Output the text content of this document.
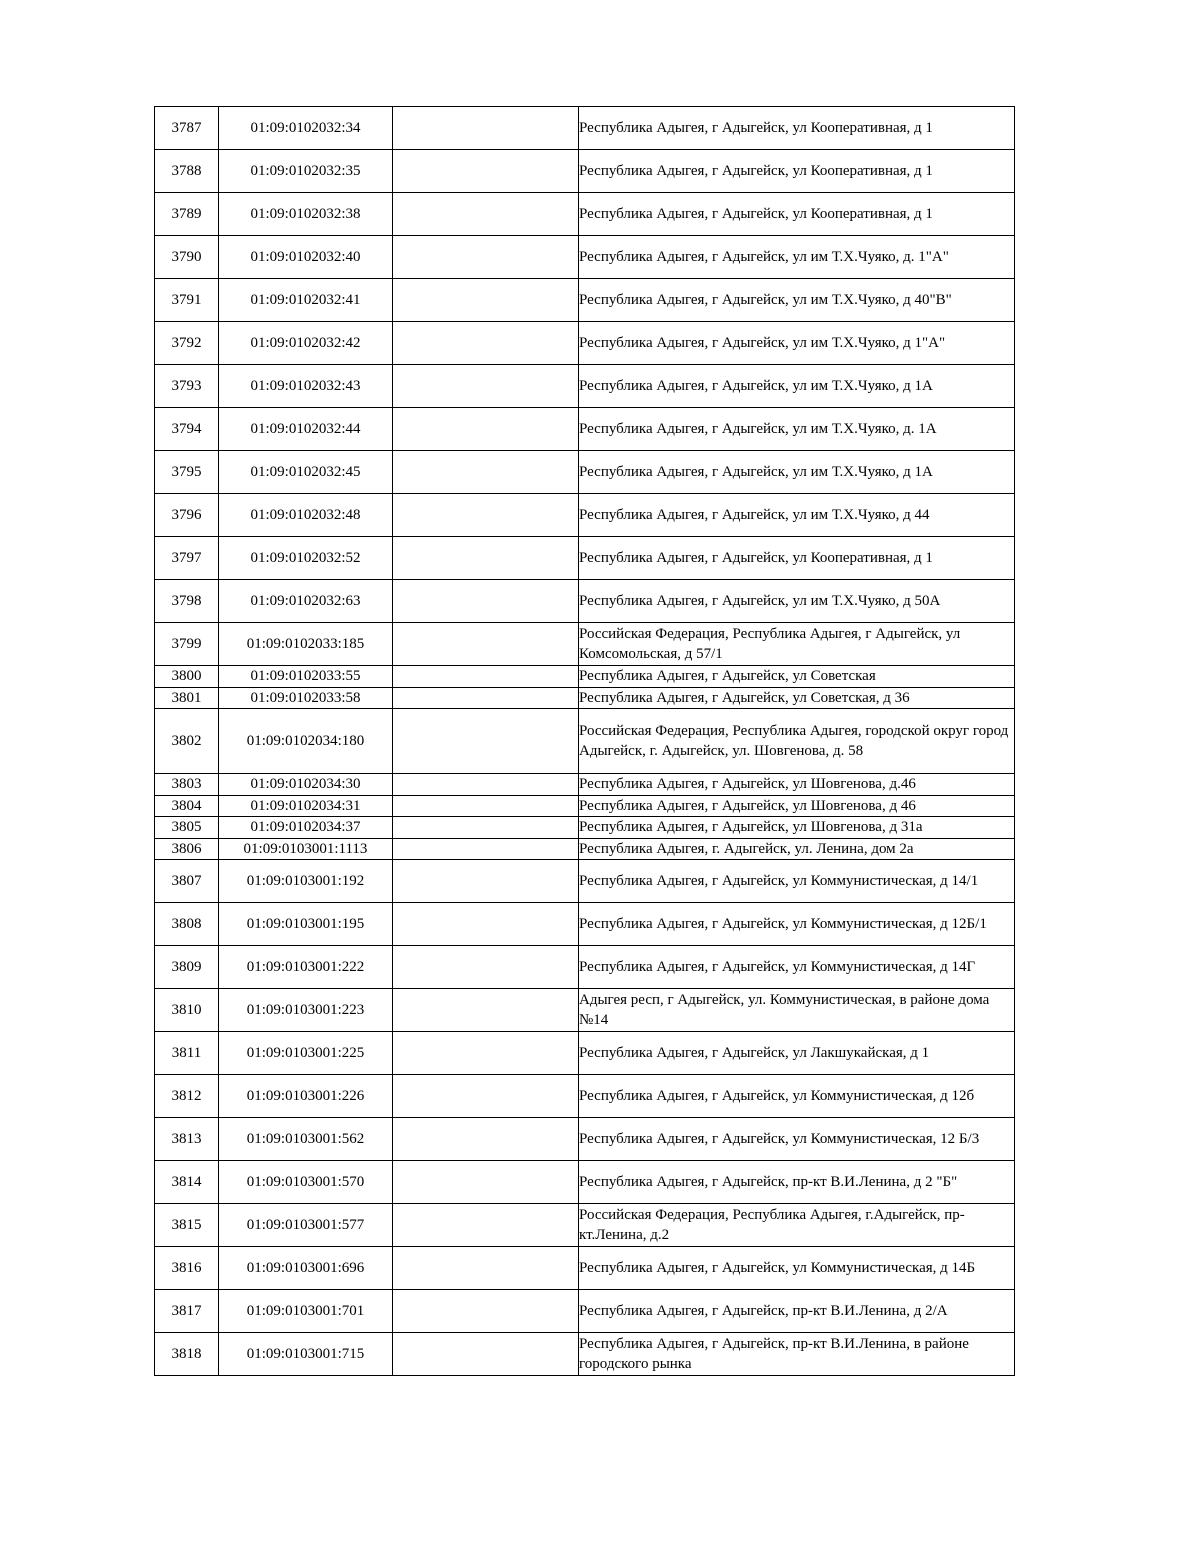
3787	01:09:0102032:34		Республика Адыгея, г Адыгейск, ул Кооперативная, д 1
3788	01:09:0102032:35		Республика Адыгея, г Адыгейск, ул Кооперативная, д 1
3789	01:09:0102032:38		Республика Адыгея, г Адыгейск, ул Кооперативная, д 1
3790	01:09:0102032:40		Республика Адыгея, г Адыгейск, ул им Т.Х.Чуяко, д. 1"А"
3791	01:09:0102032:41		Республика Адыгея, г Адыгейск, ул им Т.Х.Чуяко, д 40"В"
3792	01:09:0102032:42		Республика Адыгея, г Адыгейск, ул им Т.Х.Чуяко, д 1"А"
3793	01:09:0102032:43		Республика Адыгея, г Адыгейск, ул им Т.Х.Чуяко, д 1А
3794	01:09:0102032:44		Республика Адыгея, г Адыгейск, ул им Т.Х.Чуяко, д. 1А
3795	01:09:0102032:45		Республика Адыгея, г Адыгейск, ул им Т.Х.Чуяко, д 1А
3796	01:09:0102032:48		Республика Адыгея, г Адыгейск, ул им Т.Х.Чуяко, д 44
3797	01:09:0102032:52		Республика Адыгея, г Адыгейск, ул Кооперативная, д 1
3798	01:09:0102032:63		Республика Адыгея, г Адыгейск, ул им Т.Х.Чуяко, д 50А
3799	01:09:0102033:185		Российская Федерация, Республика Адыгея, г Адыгейск, ул Комсомольская, д 57/1
3800	01:09:0102033:55		Республика Адыгея, г Адыгейск, ул Советская
3801	01:09:0102033:58		Республика Адыгея, г Адыгейск, ул Советская, д 36
3802	01:09:0102034:180		Российская Федерация, Республика Адыгея, городской округ город Адыгейск, г. Адыгейск, ул. Шовгенова, д. 58
3803	01:09:0102034:30		Республика Адыгея, г Адыгейск, ул Шовгенова, д.46
3804	01:09:0102034:31		Республика Адыгея, г Адыгейск, ул Шовгенова, д 46
3805	01:09:0102034:37		Республика Адыгея, г Адыгейск, ул Шовгенова, д 31а
3806	01:09:0103001:1113		Республика Адыгея, г. Адыгейск, ул. Ленина, дом 2а
3807	01:09:0103001:192		Республика Адыгея, г Адыгейск, ул Коммунистическая, д 14/1
3808	01:09:0103001:195		Республика Адыгея, г Адыгейск, ул Коммунистическая, д 12Б/1
3809	01:09:0103001:222		Республика Адыгея, г Адыгейск, ул Коммунистическая, д 14Г
3810	01:09:0103001:223		Адыгея респ, г Адыгейск, ул. Коммунистическая, в районе дома №14
3811	01:09:0103001:225		Республика Адыгея, г Адыгейск, ул Лакшукайская, д 1
3812	01:09:0103001:226		Республика Адыгея, г Адыгейск, ул Коммунистическая, д 12б
3813	01:09:0103001:562		Республика Адыгея, г Адыгейск, ул Коммунистическая, 12 Б/3
3814	01:09:0103001:570		Республика Адыгея, г Адыгейск, пр-кт В.И.Ленина, д 2 "Б"
3815	01:09:0103001:577		Российская Федерация, Республика Адыгея, г.Адыгейск, пр-кт.Ленина, д.2
3816	01:09:0103001:696		Республика Адыгея, г Адыгейск, ул Коммунистическая, д 14Б
3817	01:09:0103001:701		Республика Адыгея, г Адыгейск, пр-кт В.И.Ленина, д 2/А
3818	01:09:0103001:715		Республика Адыгея, г Адыгейск, пр-кт В.И.Ленина, в районе городского рынка
